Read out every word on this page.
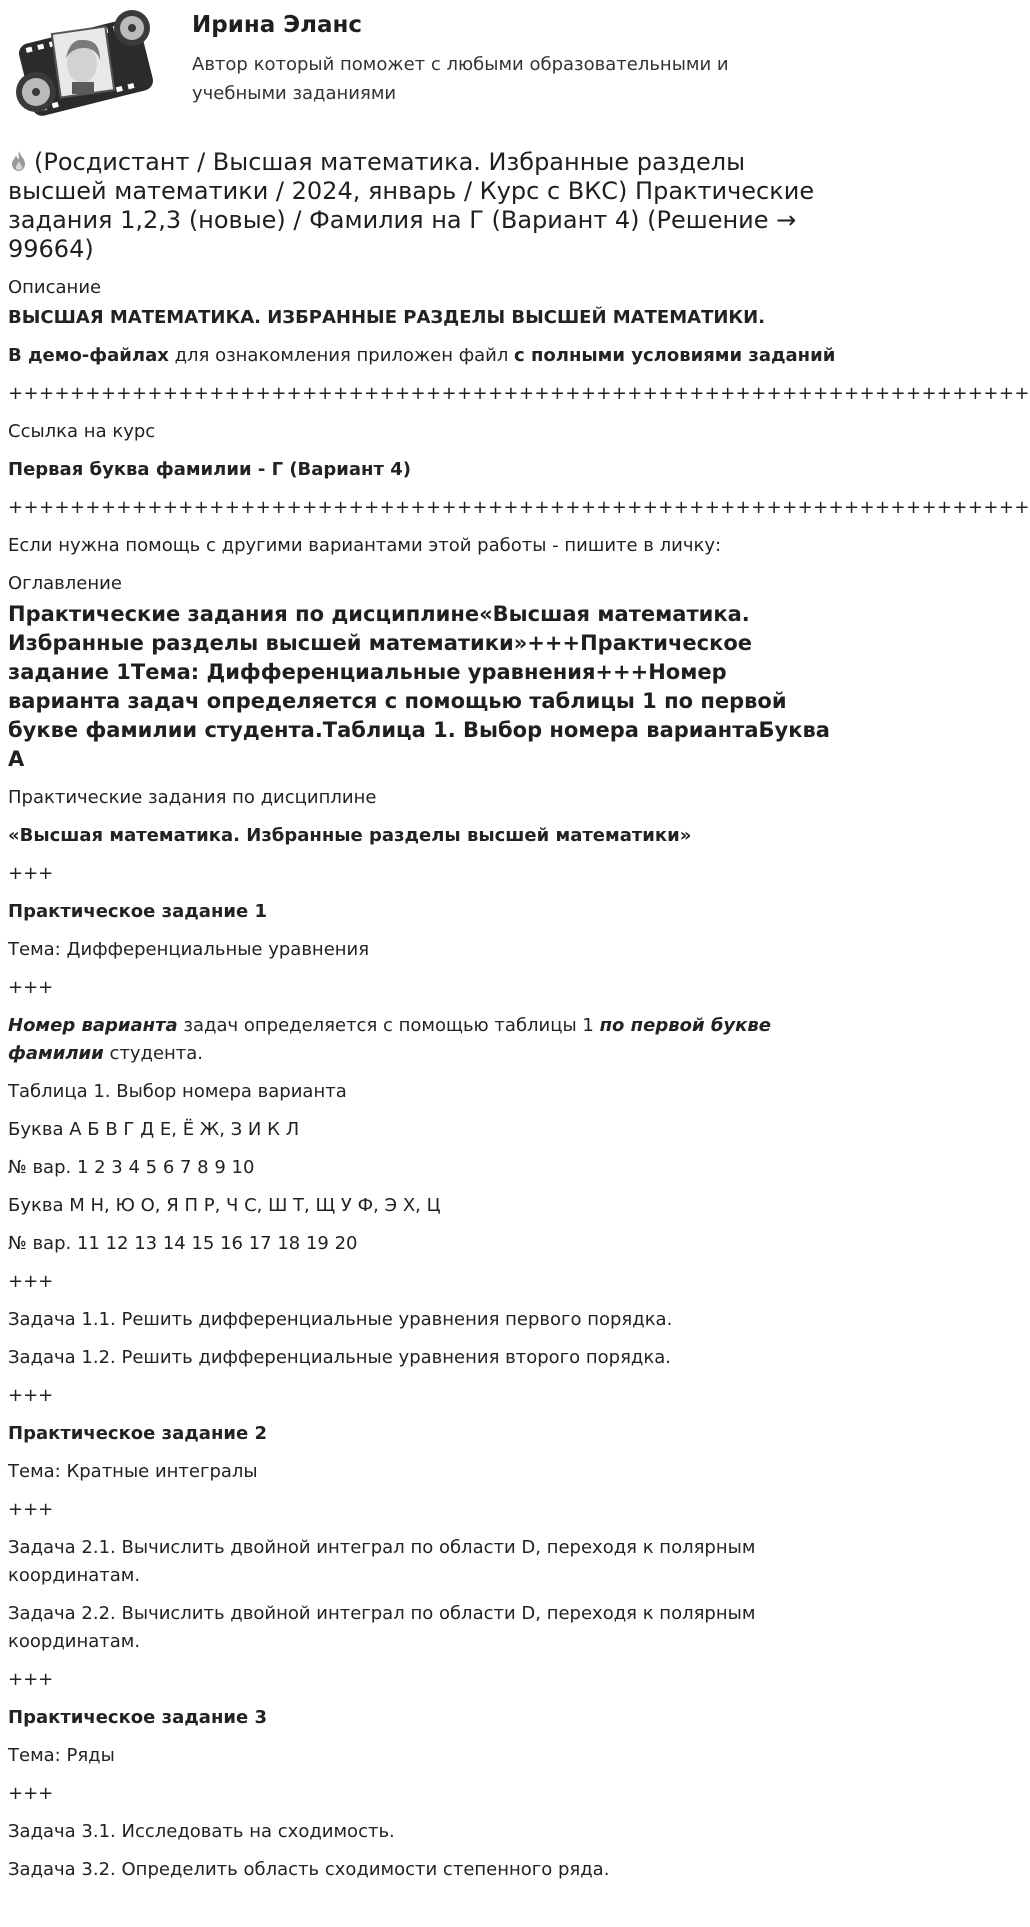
Ирина Эланс
Автор который поможет с любыми образовательными и учебными заданиями
(Росдистант / Высшая математика. Избранные разделы высшей математики / 2024, январь / Курс с ВКС) Практические задания 1,2,3 (новые) / Фамилия на Г (Вариант 4) (Решение → 99664)

Описание

ВЫСШАЯ МАТЕМАТИКА. ИЗБРАННЫЕ РАЗДЕЛЫ ВЫСШЕЙ МАТЕМАТИКИ.

В демо-файлах для ознакомления приложен файл с полными условиями заданий

++++++++++++++++++++++++++++++++++++++++++++++++++++++++++++++++++

Ссылка на курс

Первая буква фамилии - Г (Вариант 4)

++++++++++++++++++++++++++++++++++++++++++++++++++++++++++++++++++

Если нужна помощь с другими вариантами этой работы - пишите в личку:

Оглавление

Практические задания по дисциплине«Высшая математика. Избранные разделы высшей математики»+++Практическое задание 1Тема: Дифференциальные уравнения+++Номер варианта задач определяется с помощью таблицы 1 по первой букве фамилии студента.Таблица 1. Выбор номера вариантаБуква А

Практические задания по дисциплине

«Высшая математика. Избранные разделы высшей математики»

+++

Практическое задание 1

Тема: Дифференциальные уравнения

+++

Номер варианта задач определяется с помощью таблицы 1 по первой букве фамилии студента.

Таблица 1. Выбор номера варианта

Буква А Б В Г Д Е, Ё Ж, З И К Л

№ вар. 1 2 3 4 5 6 7 8 9 10

Буква М Н, Ю О, Я П Р, Ч С, Ш Т, Щ У Ф, Э Х, Ц

№ вар. 11 12 13 14 15 16 17 18 19 20

+++

Задача 1.1. Решить дифференциальные уравнения первого порядка.

Задача 1.2. Решить дифференциальные уравнения второго порядка.

+++

Практическое задание 2

Тема: Кратные интегралы

+++

Задача 2.1. Вычислить двойной интеграл по области D, переходя к полярным координатам.

Задача 2.2. Вычислить двойной интеграл по области D, переходя к полярным координатам.

+++

Практическое задание 3

Тема: Ряды

+++

Задача 3.1. Исследовать на сходимость.

Задача 3.2. Определить область сходимости степенного ряда.
